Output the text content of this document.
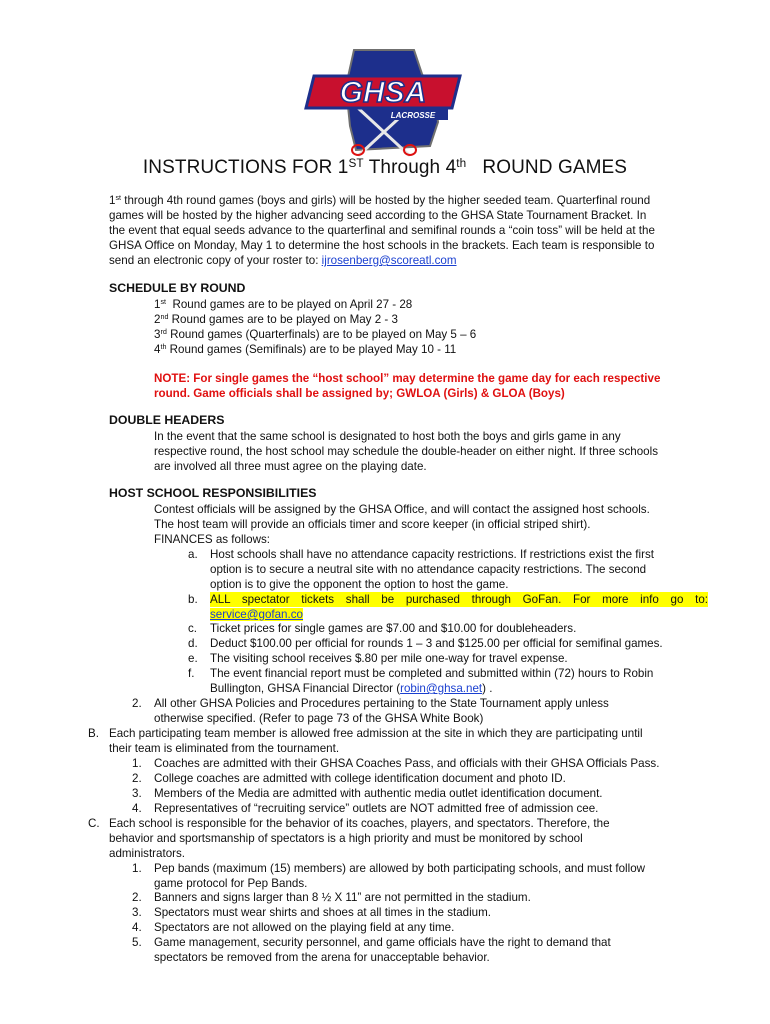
GHSA
LACROSSE
INSTRUCTIONS FOR 1ST Through 4th   ROUND GAMES
1st through 4th round games (boys and girls) will be hosted by the higher seeded team. Quarterfinal round
games will be hosted by the higher advancing seed according to the GHSA State Tournament Bracket. In
the event that equal seeds advance to the quarterfinal and semifinal rounds a “coin toss” will be held at the
GHSA Office on Monday, May 1 to determine the host schools in the brackets. Each team is responsible to
send an electronic copy of your roster to: ijrosenberg@scoreatl.com
SCHEDULE BY ROUND
1st  Round games are to be played on April 27 - 28
2nd Round games are to be played on May 2 - 3
3rd Round games (Quarterfinals) are to be played on May 5 – 6
4th Round games (Semifinals) are to be played May 10 - 11
NOTE: For single games the “host school” may determine the game day for each respective
round. Game officials shall be assigned by; GWLOA (Girls) & GLOA (Boys)
DOUBLE HEADERS
In the event that the same school is designated to host both the boys and girls game in any
respective round, the host school may schedule the double-header on either night. If three schools
are involved all three must agree on the playing date.
HOST SCHOOL RESPONSIBILITIES
Contest officials will be assigned by the GHSA Office, and will contact the assigned host schools.
The host team will provide an officials timer and score keeper (in official striped shirt).
FINANCES as follows:
a. Host schools shall have no attendance capacity restrictions. If restrictions exist the first
option is to secure a neutral site with no attendance capacity restrictions. The second
option is to give the opponent the option to host the game.
b. ALL spectator tickets shall be purchased through GoFan. For more info go to:
service@gofan.co
c. Ticket prices for single games are $7.00 and $10.00 for doubleheaders.
d. Deduct $100.00 per official for rounds 1 – 3 and $125.00 per official for semifinal games.
e. The visiting school receives $.80 per mile one-way for travel expense.
f. The event financial report must be completed and submitted within (72) hours to Robin
Bullington, GHSA Financial Director (robin@ghsa.net) .
2. All other GHSA Policies and Procedures pertaining to the State Tournament apply unless
otherwise specified. (Refer to page 73 of the GHSA White Book)
B. Each participating team member is allowed free admission at the site in which they are participating until
their team is eliminated from the tournament.
1. Coaches are admitted with their GHSA Coaches Pass, and officials with their GHSA Officials Pass.
2. College coaches are admitted with college identification document and photo ID.
3. Members of the Media are admitted with authentic media outlet identification document.
4. Representatives of “recruiting service” outlets are NOT admitted free of admission cee.
C. Each school is responsible for the behavior of its coaches, players, and spectators. Therefore, the
behavior and sportsmanship of spectators is a high priority and must be monitored by school
administrators.
1. Pep bands (maximum (15) members) are allowed by both participating schools, and must follow
game protocol for Pep Bands.
2. Banners and signs larger than 8 ½ X 11” are not permitted in the stadium.
3. Spectators must wear shirts and shoes at all times in the stadium.
4. Spectators are not allowed on the playing field at any time.
5. Game management, security personnel, and game officials have the right to demand that
spectators be removed from the arena for unacceptable behavior.
